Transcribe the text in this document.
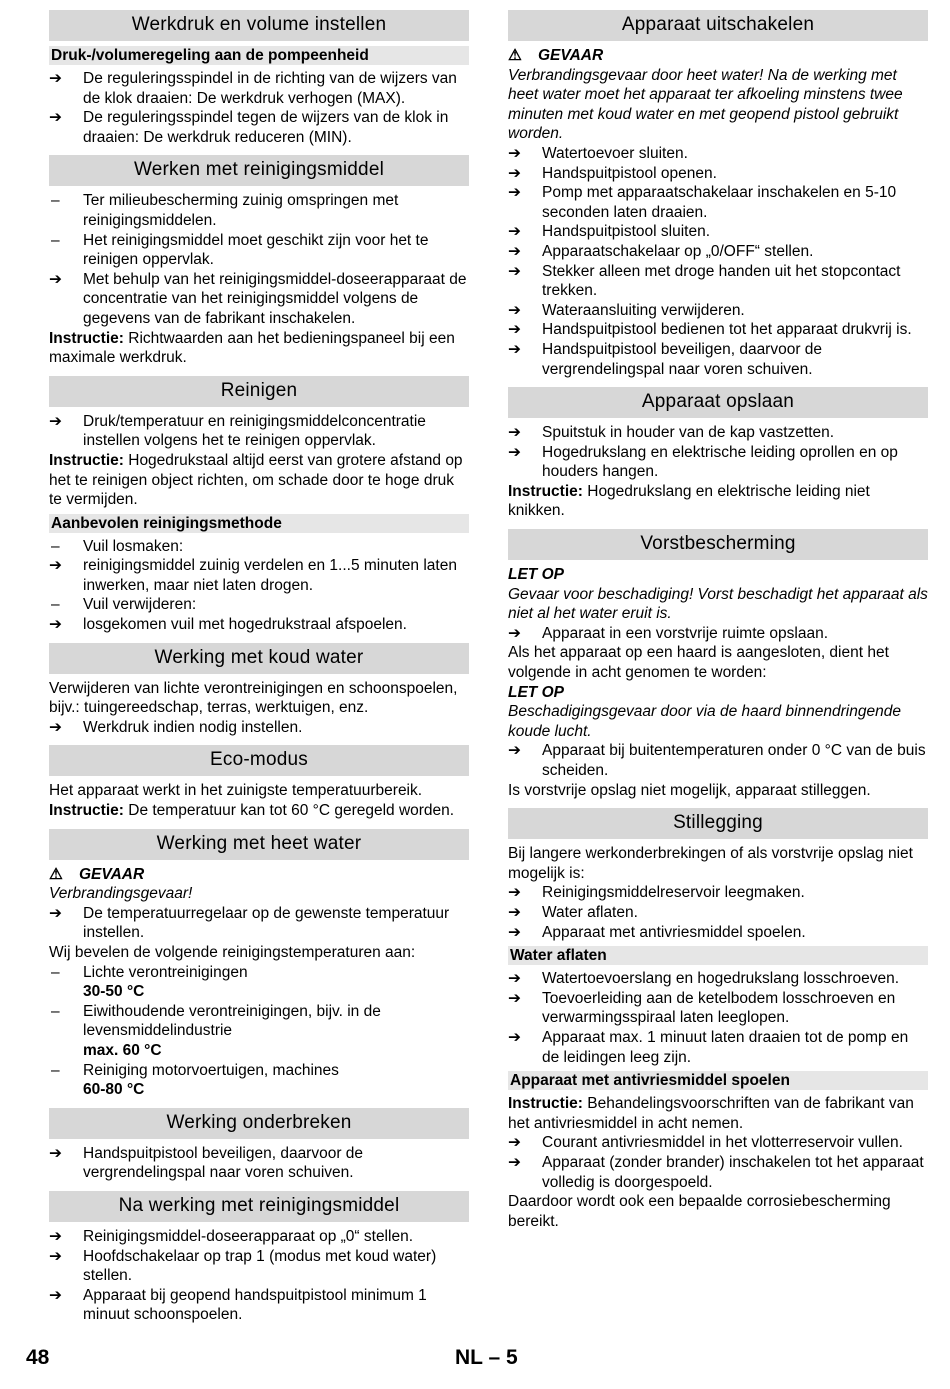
Werkdruk en volume instellen
Druk-/volumeregeling aan de pompeenheid
➔	De reguleringsspindel in de richting van de wijzers van de klok draaien: De werkdruk verhogen (MAX).
➔	De reguleringsspindel tegen de wijzers van de klok in draaien: De werkdruk reduceren (MIN).
Werken met reinigingsmiddel
–	Ter milieubescherming zuinig omspringen met reinigingsmiddelen.
–	Het reinigingsmiddel moet geschikt zijn voor het te reinigen oppervlak.
➔	Met behulp van het reinigingsmiddel-doseerapparaat de concentratie van het reinigingsmiddel volgens de gegevens van de fabrikant inschakelen.
Instructie: Richtwaarden aan het bedieningspaneel bij een maximale werkdruk.
Reinigen
➔	Druk/temperatuur en reinigingsmiddelconcentratie instellen volgens het te reinigen oppervlak.
Instructie: Hogedrukstaal altijd eerst van grotere afstand op het te reinigen object richten, om schade door te hoge druk te vermijden.
Aanbevolen reinigingsmethode
–	Vuil losmaken:
➔	reinigingsmiddel zuinig verdelen en 1...5 minuten laten inwerken, maar niet laten drogen.
–	Vuil verwijderen:
➔	losgekomen vuil met hogedrukstraal afspoelen.
Werking met koud water
Verwijderen van lichte verontreinigingen en schoonspoelen, bijv.: tuingereedschap, terras, werktuigen, enz.
➔	Werkdruk indien nodig instellen.
Eco-modus
Het apparaat werkt in het zuinigste temperatuurbereik.
Instructie: De temperatuur kan tot 60 °C geregeld worden.
Werking met heet water
⚠ GEVAAR
Verbrandingsgevaar!
➔	De temperatuurregelaar op de gewenste temperatuur instellen.
Wij bevelen de volgende reinigingstemperaturen aan:
–	Lichte verontreinigingen
30-50 °C
–	Eiwithoudende verontreinigingen, bijv. in de levensmiddelindustrie
max. 60 °C
–	Reiniging motorvoertuigen, machines
60-80 °C
Werking onderbreken
➔	Handspuitpistool beveiligen, daarvoor de vergrendelingspal naar voren schuiven.
Na werking met reinigingsmiddel
➔	Reinigingsmiddel-doseerapparaat op „0“ stellen.
➔	Hoofdschakelaar op trap 1 (modus met koud water) stellen.
➔	Apparaat bij geopend handspuitpistool minimum 1 minuut schoonspoelen.
Apparaat uitschakelen
⚠ GEVAAR
Verbrandingsgevaar door heet water! Na de werking met heet water moet het apparaat ter afkoeling minstens twee minuten met koud water en met geopend pistool gebruikt worden.
➔	Watertoevoer sluiten.
➔	Handspuitpistool openen.
➔	Pomp met apparaatschakelaar inschakelen en 5-10 seconden laten draaien.
➔	Handspuitpistool sluiten.
➔	Apparaatschakelaar op „0/OFF“ stellen.
➔	Stekker alleen met droge handen uit het stopcontact trekken.
➔	Wateraansluiting verwijderen.
➔	Handspuitpistool bedienen tot het apparaat drukvrij is.
➔	Handspuitpistool beveiligen, daarvoor de vergrendelingspal naar voren schuiven.
Apparaat opslaan
➔	Spuitstuk in houder van de kap vastzetten.
➔	Hogedrukslang en elektrische leiding oprollen en op houders hangen.
Instructie: Hogedrukslang en elektrische leiding niet knikken.
Vorstbescherming
LET OP
Gevaar voor beschadiging! Vorst beschadigt het apparaat als niet al het water eruit is.
➔	Apparaat in een vorstvrije ruimte opslaan.
Als het apparaat op een haard is aangesloten, dient het volgende in acht genomen te worden:
LET OP
Beschadigingsgevaar door via de haard binnendringende koude lucht.
➔	Apparaat bij buitentemperaturen onder 0 °C van de buis scheiden.
Is vorstvrije opslag niet mogelijk, apparaat stilleggen.
Stillegging
Bij langere werkonderbrekingen of als vorstvrije opslag niet mogelijk is:
➔	Reinigingsmiddelreservoir leegmaken.
➔	Water aflaten.
➔	Apparaat met antivriesmiddel spoelen.
Water aflaten
➔	Watertoevoerslang en hogedrukslang losschroeven.
➔	Toevoerleiding aan de ketelbodem losschroeven en verwarmingsspiraal laten leeglopen.
➔	Apparaat max. 1 minuut laten draaien tot de pomp en de leidingen leeg zijn.
Apparaat met antivriesmiddel spoelen
Instructie: Behandelingsvoorschriften van de fabrikant van het antivriesmiddel in acht nemen.
➔	Courant antivriesmiddel in het vlotterreservoir vullen.
➔	Apparaat (zonder brander) inschakelen tot het apparaat volledig is doorgespoeld.
Daardoor wordt ook een bepaalde corrosiebescherming bereikt.
48	NL – 5
